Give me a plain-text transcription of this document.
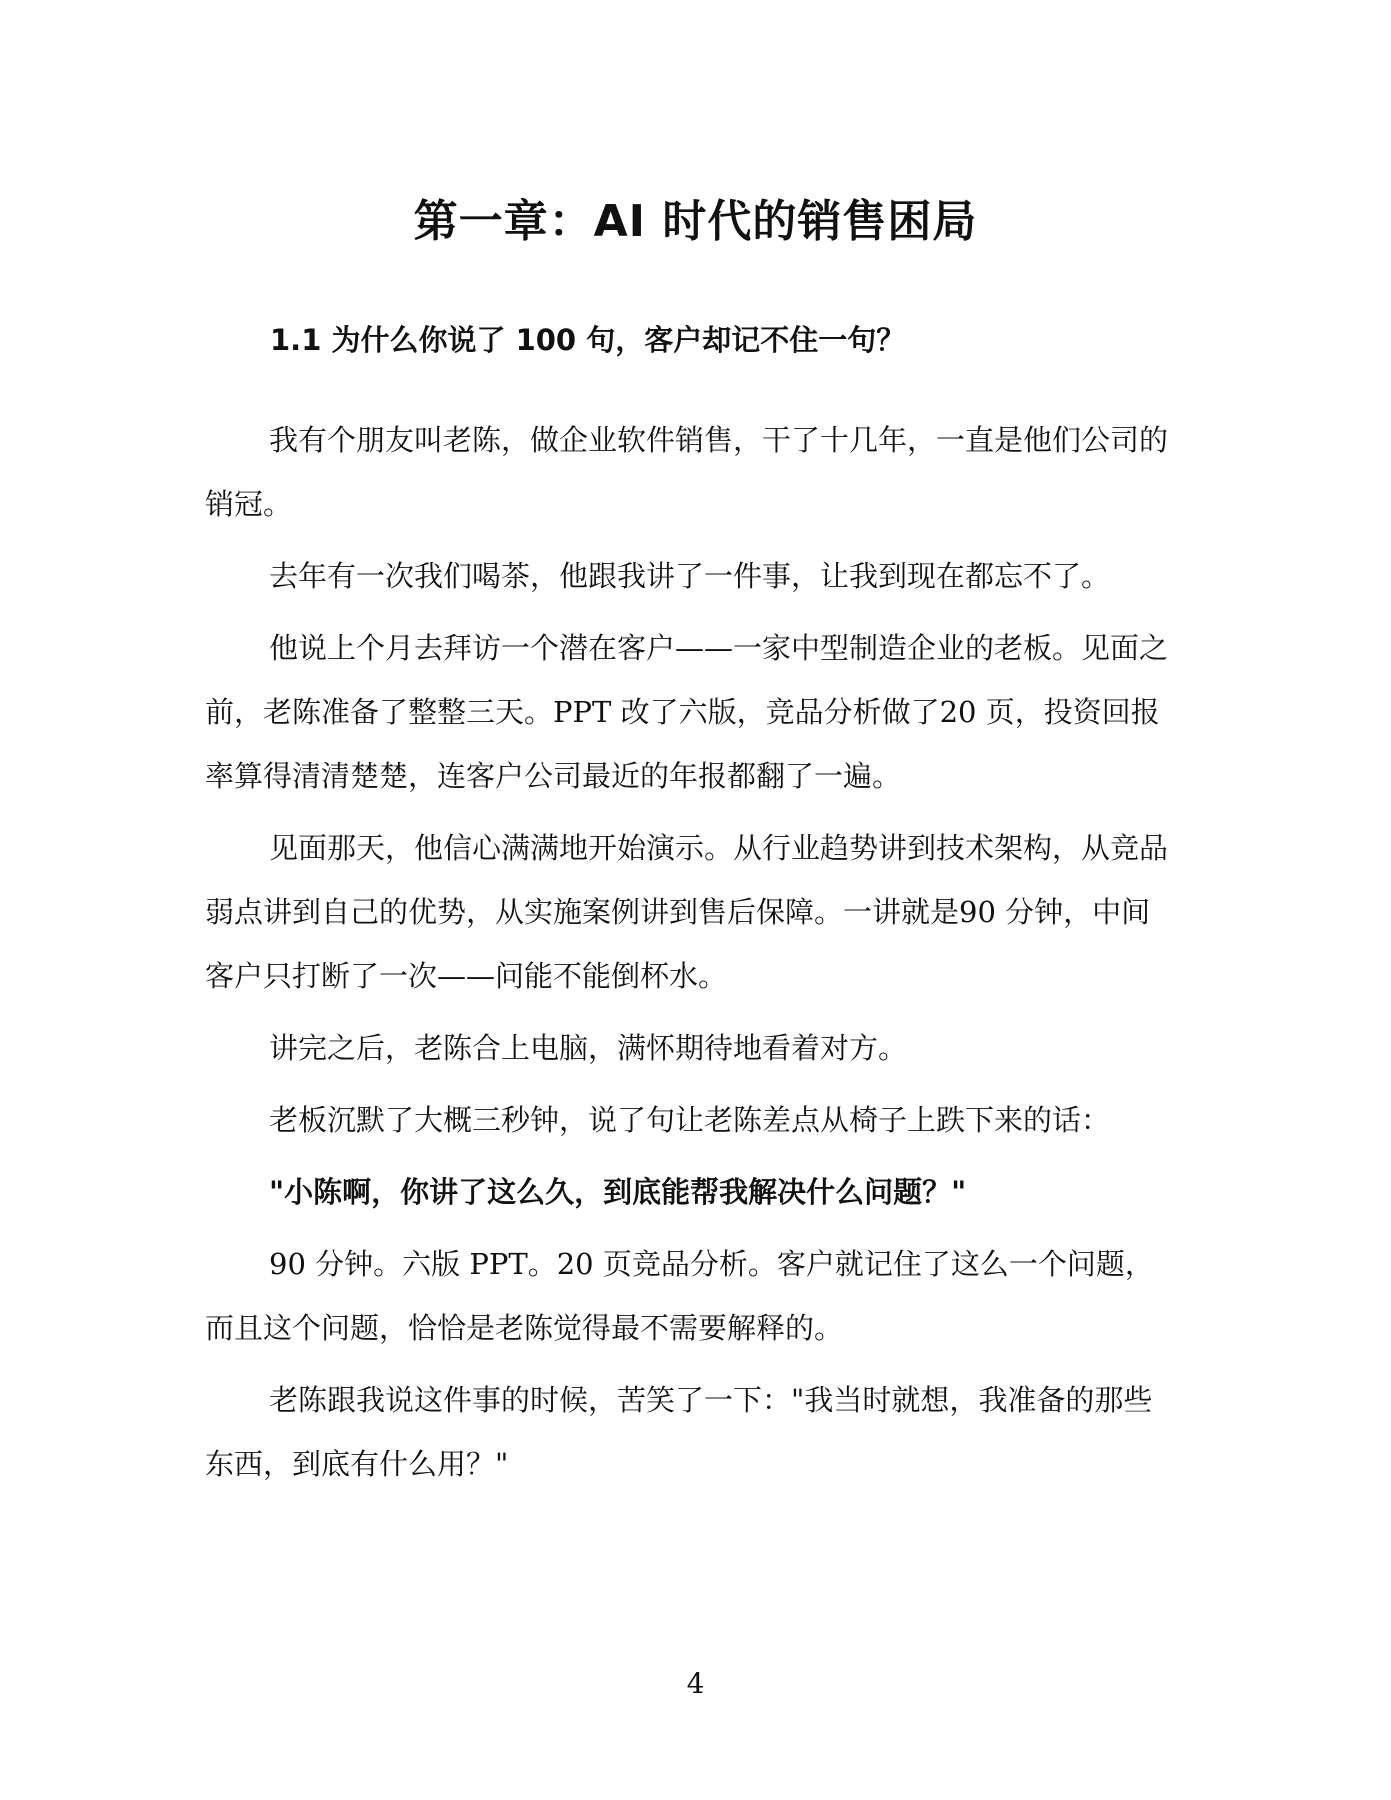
第一章：AI 时代的销售困局
1.1 为什么你说了 100 句，客户却记不住一句？

我有个朋友叫老陈，做企业软件销售，干了十几年，一直是他们公司的销冠。

去年有一次我们喝茶，他跟我讲了一件事，让我到现在都忘不了。

他说上个月去拜访一个潜在客户——一家中型制造企业的老板。见面之前，老陈准备了整整三天。PPT 改了六版，竞品分析做了20 页，投资回报率算得清清楚楚，连客户公司最近的年报都翻了一遍。

见面那天，他信心满满地开始演示。从行业趋势讲到技术架构，从竞品弱点讲到自己的优势，从实施案例讲到售后保障。一讲就是90 分钟，中间客户只打断了一次——问能不能倒杯水。

讲完之后，老陈合上电脑，满怀期待地看着对方。

老板沉默了大概三秒钟，说了句让老陈差点从椅子上跌下来的话：

"小陈啊，你讲了这么久，到底能帮我解决什么问题？"

90 分钟。六版 PPT。20 页竞品分析。客户就记住了这么一个问题，而且这个问题，恰恰是老陈觉得最不需要解释的。

老陈跟我说这件事的时候，苦笑了一下："我当时就想，我准备的那些东西，到底有什么用？"

4
